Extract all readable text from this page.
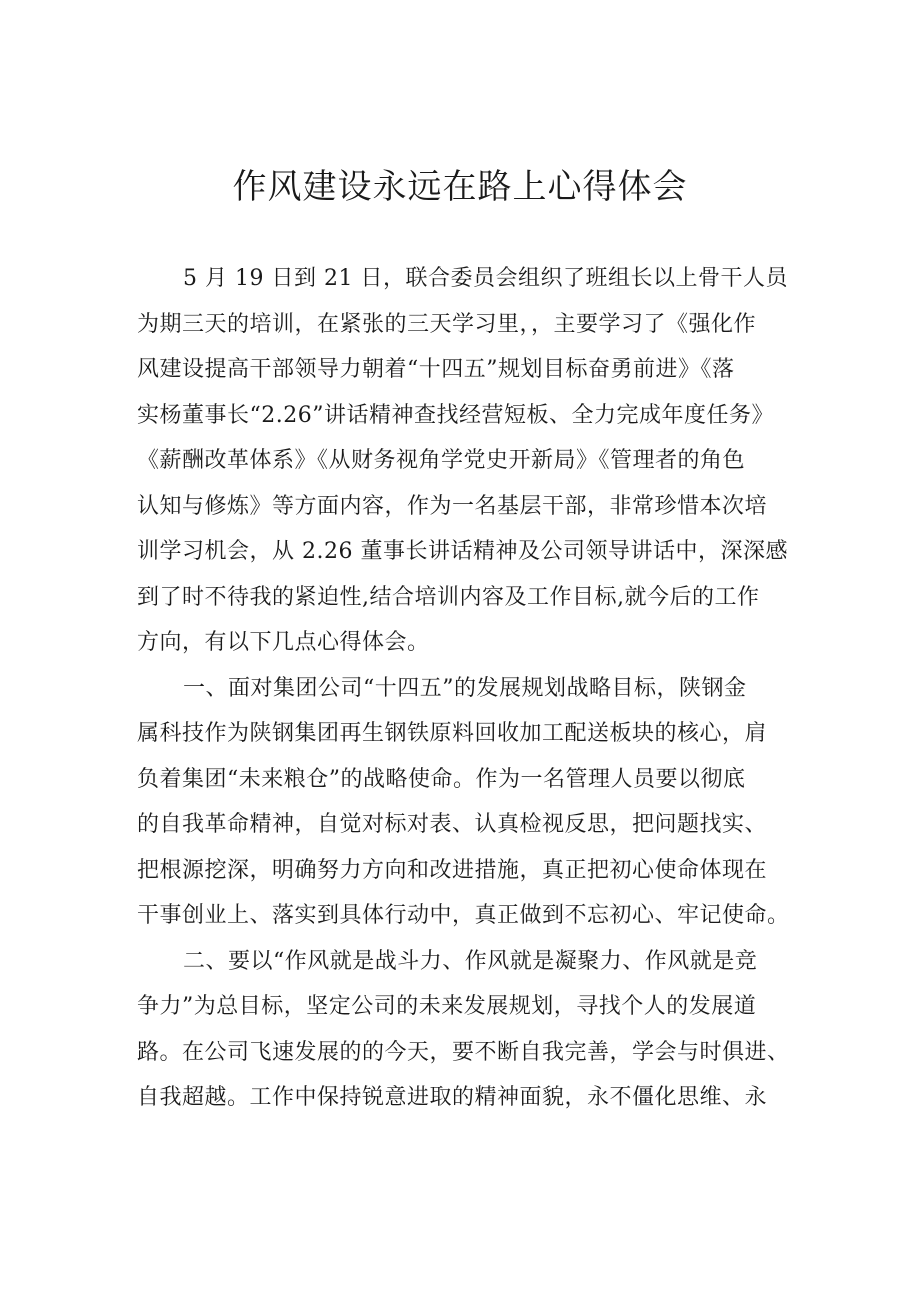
作风建设永远在路上心得体会

5 月 19 日到 21 日，联合委员会组织了班组长以上骨干人员
为期三天的培训，在紧张的三天学习里，，主要学习了《强化作
风建设提高干部领导力朝着“十四五”规划目标奋勇前进》《落
实杨董事长“2.26”讲话精神查找经营短板、全力完成年度任务》
《薪酬改革体系》《从财务视角学党史开新局》《管理者的角色
认知与修炼》等方面内容，作为一名基层干部，非常珍惜本次培
训学习机会，从 2.26 董事长讲话精神及公司领导讲话中，深深感
到了时不待我的紧迫性,结合培训内容及工作目标,就今后的工作
方向，有以下几点心得体会。

一、面对集团公司“十四五”的发展规划战略目标，陕钢金
属科技作为陕钢集团再生钢铁原料回收加工配送板块的核心，肩
负着集团“未来粮仓”的战略使命。作为一名管理人员要以彻底
的自我革命精神，自觉对标对表、认真检视反思，把问题找实、
把根源挖深，明确努力方向和改进措施，真正把初心使命体现在
干事创业上、落实到具体行动中，真正做到不忘初心、牢记使命。

二、要以“作风就是战斗力、作风就是凝聚力、作风就是竞
争力”为总目标，坚定公司的未来发展规划，寻找个人的发展道
路。在公司飞速发展的的今天，要不断自我完善，学会与时俱进、
自我超越。工作中保持锐意进取的精神面貌，永不僵化思维、永
